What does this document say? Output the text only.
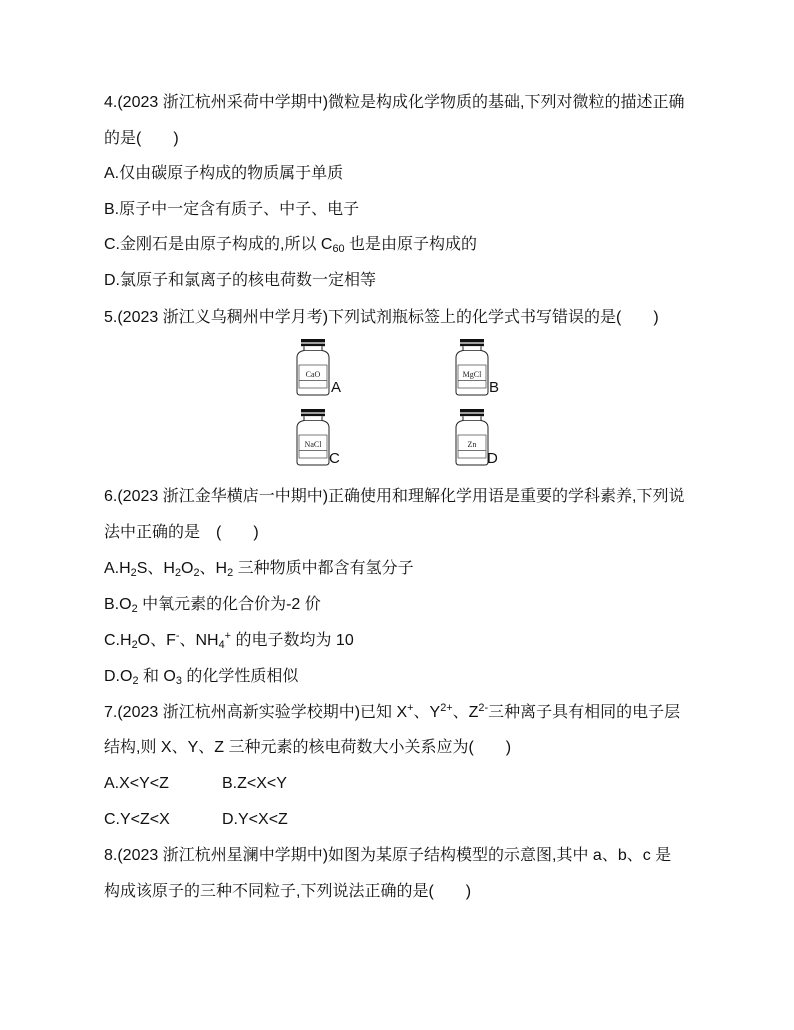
4.(2023 浙江杭州采荷中学期中)微粒是构成化学物质的基础,下列对微粒的描述正确
的是(　　)
A.仅由碳原子构成的物质属于单质
B.原子中一定含有质子、中子、电子
C.金刚石是由原子构成的,所以 $C_{60}$ 也是由原子构成的
D.氯原子和氯离子的核电荷数一定相等
5.(2023 浙江义乌稠州中学月考)下列试剂瓶标签上的化学式书写错误的是(　　)
CaO
A
MgCl
B
NaCl
C
Zn
D
6.(2023 浙江金华横店一中期中)正确使用和理解化学用语是重要的学科素养,下列说
法中正确的是　(　　)
$A.H_2S$、$H_2O_2$、$H_2$ 三种物质中都含有氢分子
$B.O_2$ 中氧元素的化合价为-2 价
$C.H_2O$、F-、$NH_4^+$ 的电子数均为 10
$D.O_2$ 和 $O_3$ 的化学性质相似
7.(2023 浙江杭州高新实验学校期中)已知 X+、$Y^{2+}$、$Z^{2-}$三种离子具有相同的电子层
结构,则 X、Y、Z 三种元素的核电荷数大小关系应为(　　)
A.X<Y<Z	B.Z<X<Y
C.Y<Z<X	D.Y<X<Z
8.(2023 浙江杭州星澜中学期中)如图为某原子结构模型的示意图,其中 a、b、c 是
构成该原子的三种不同粒子,下列说法正确的是(　　)
